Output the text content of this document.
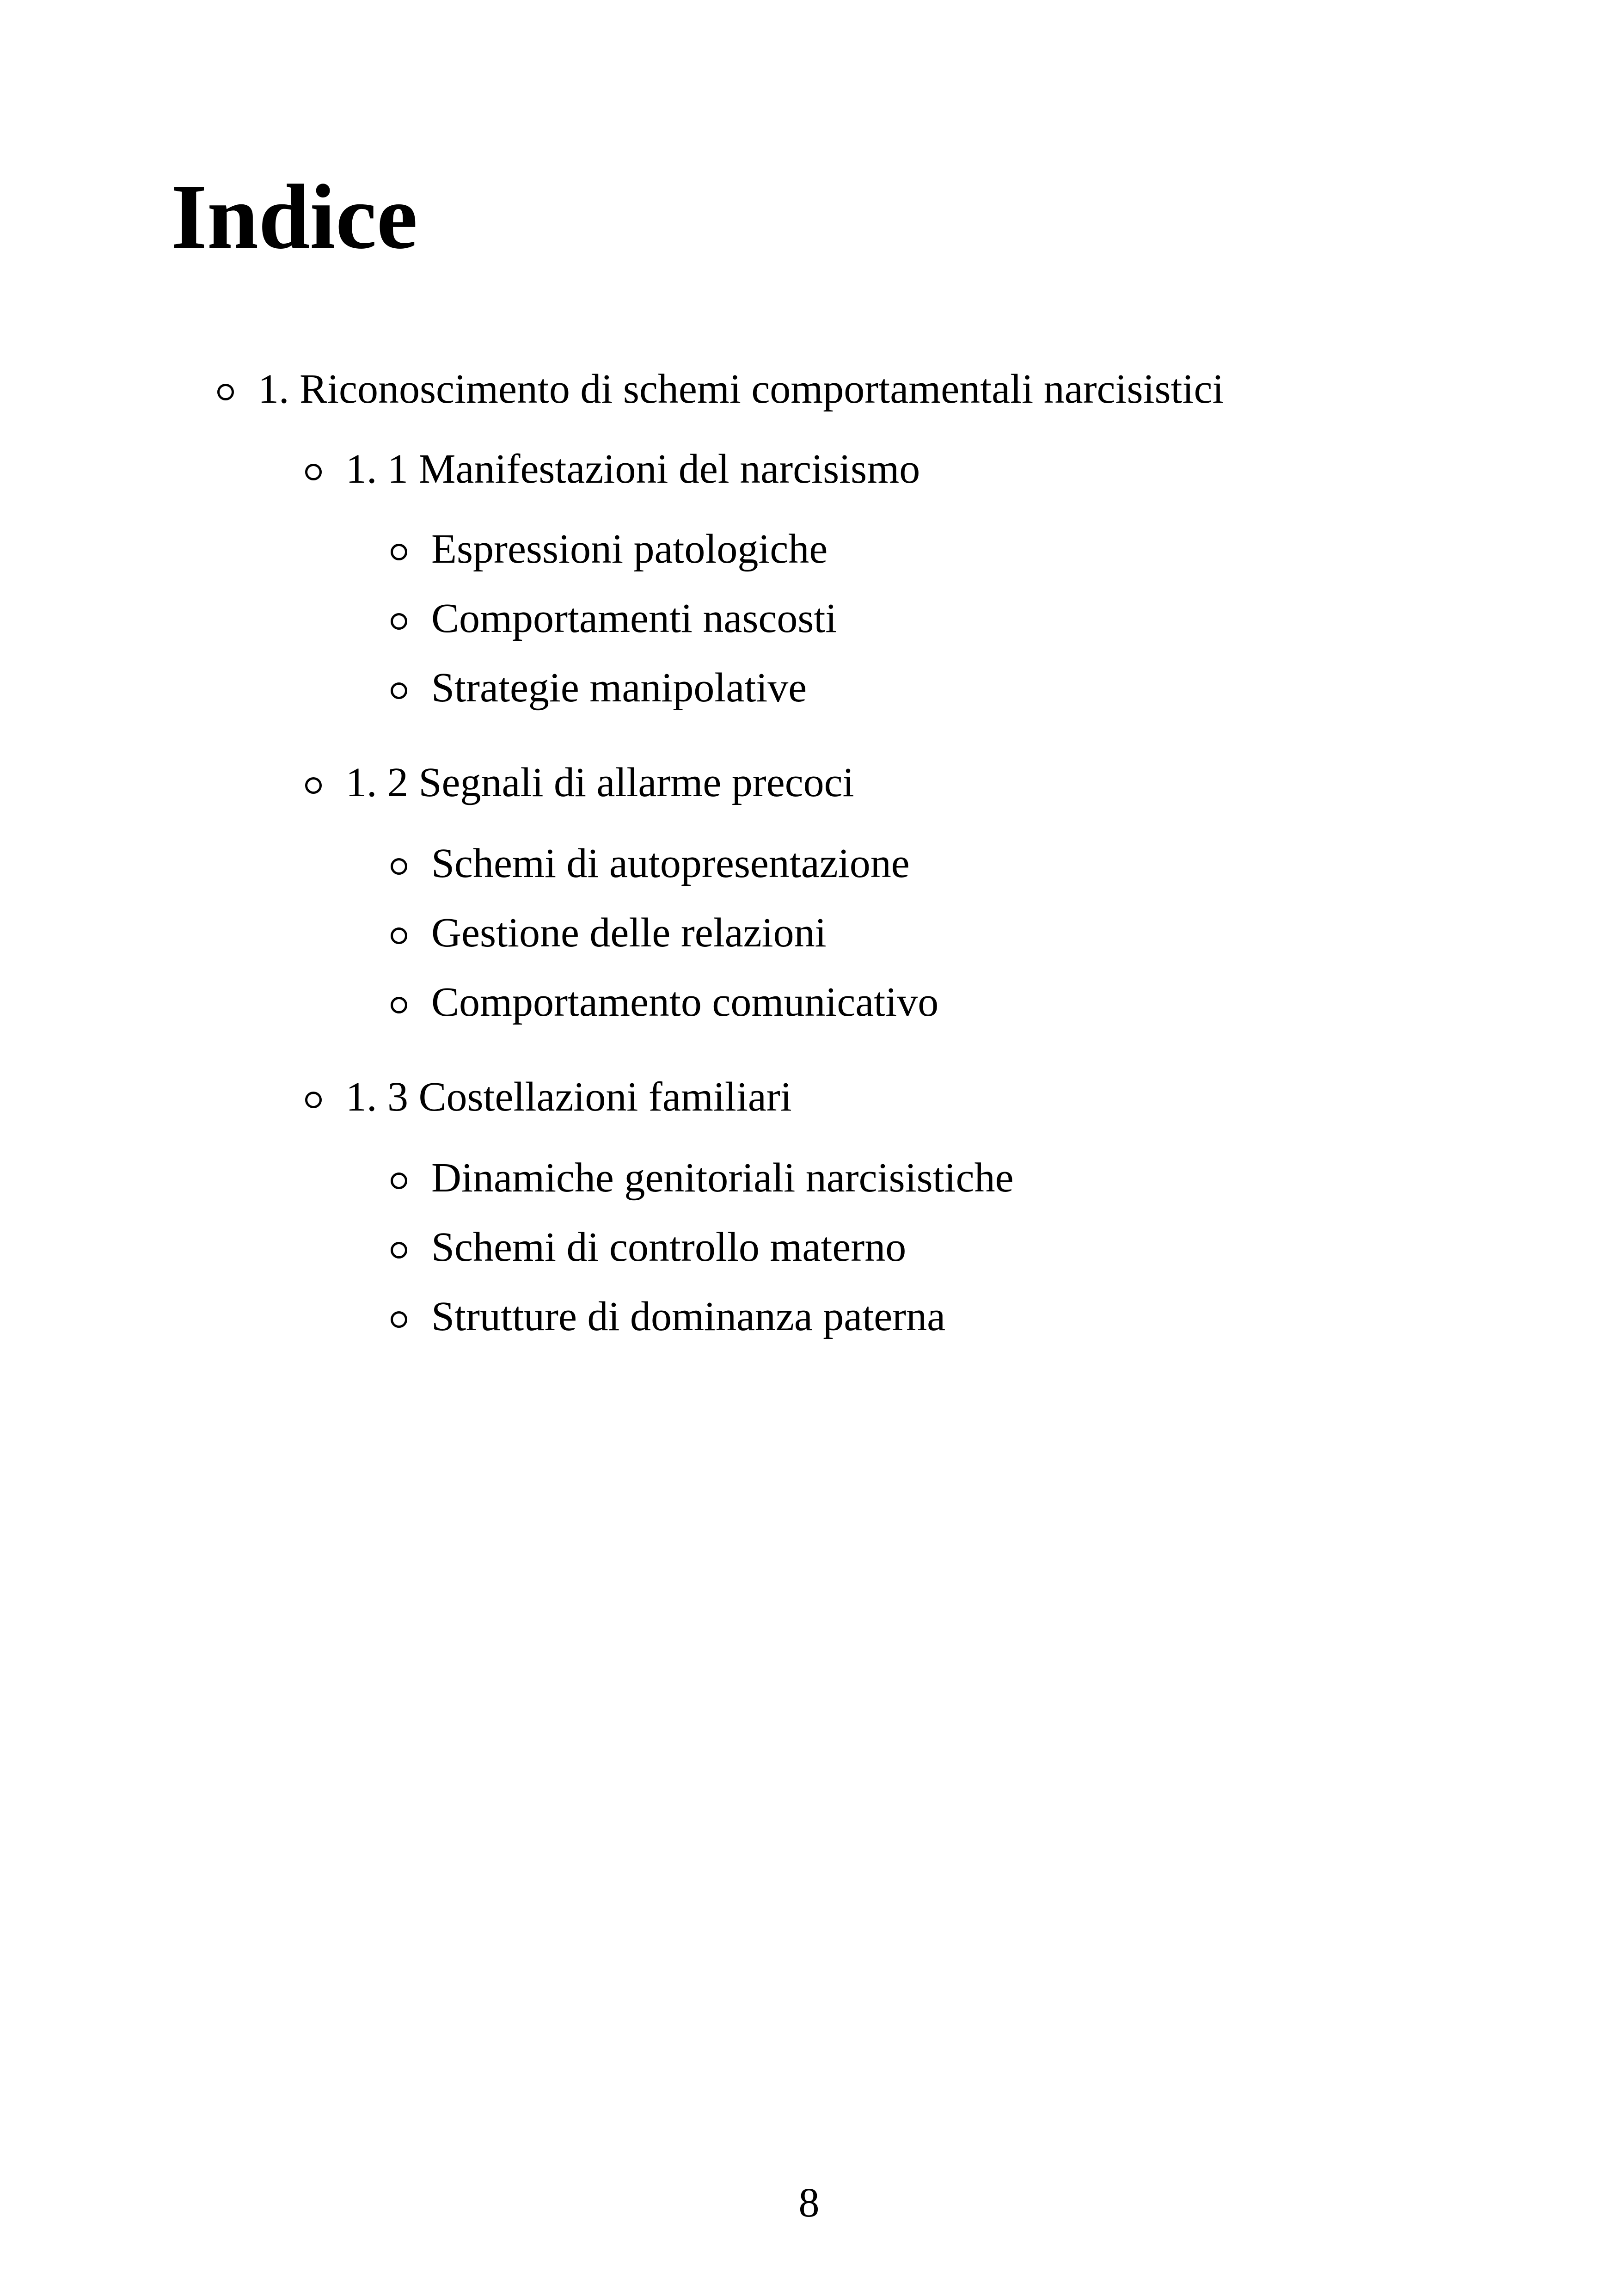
Indice
1. Riconoscimento di schemi comportamentali narcisistici
1. 1 Manifestazioni del narcisismo
Espressioni patologiche
Comportamenti nascosti
Strategie manipolative
1. 2 Segnali di allarme precoci
Schemi di autopresentazione
Gestione delle relazioni
Comportamento comunicativo
1. 3 Costellazioni familiari
Dinamiche genitoriali narcisistiche
Schemi di controllo materno
Strutture di dominanza paterna
8
